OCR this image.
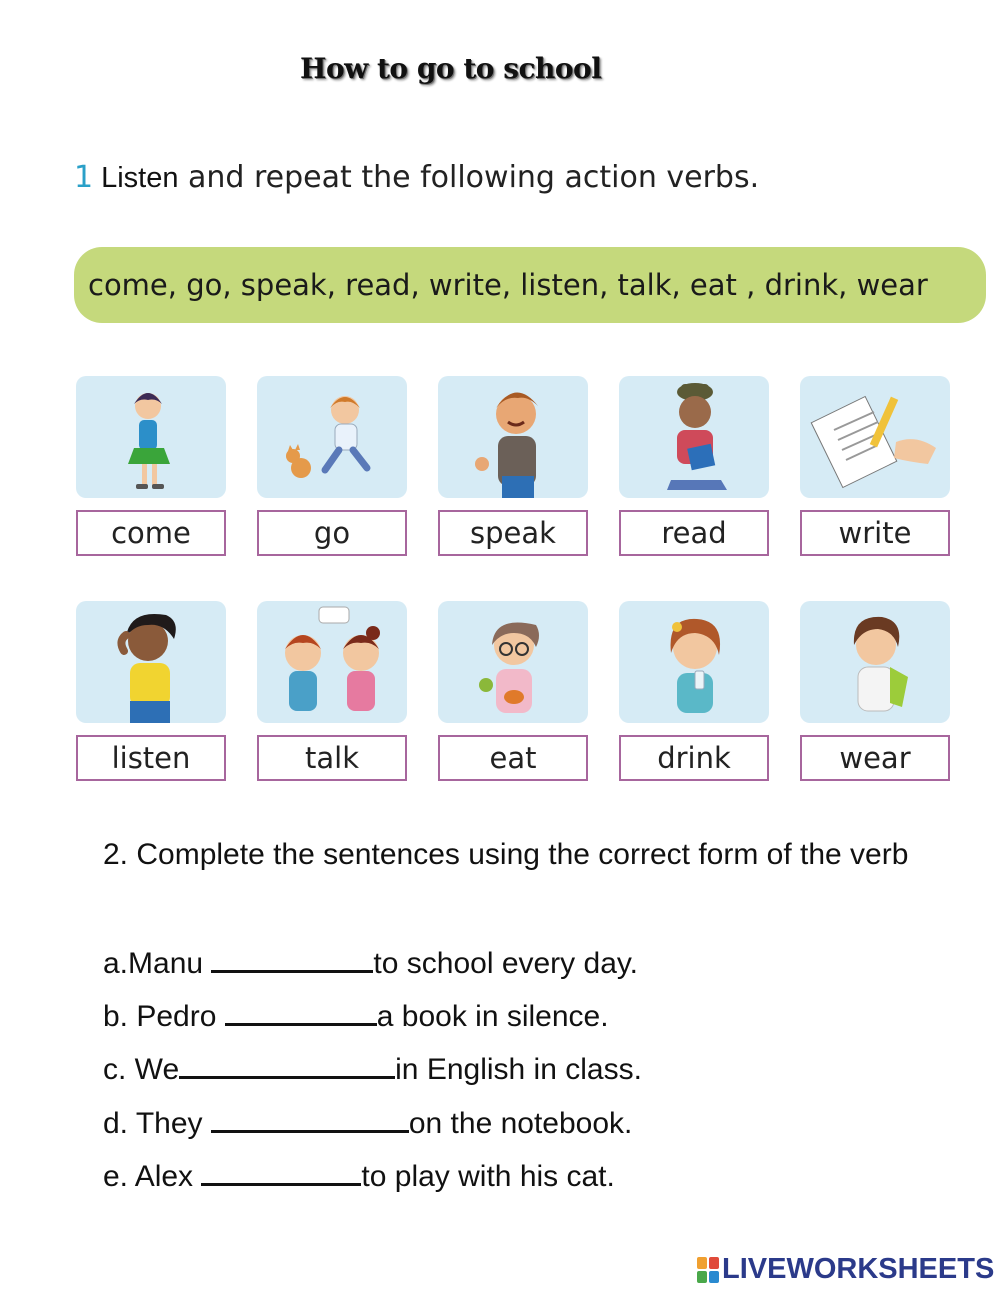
How to go to school
1 Listen and repeat the following action verbs.
come, go, speak, read, write, listen, talk, eat , drink, wear
come	go	speak	read	write
listen	talk	eat	drink	wear
2. Complete the sentences using the correct form of the verb
a.Manu	to school every day.
b. Pedro	a book in silence.
c. We	in English in class.
d. They	on the notebook.
e. Alex	to play with his cat.
LIVEWORKSHEETS
